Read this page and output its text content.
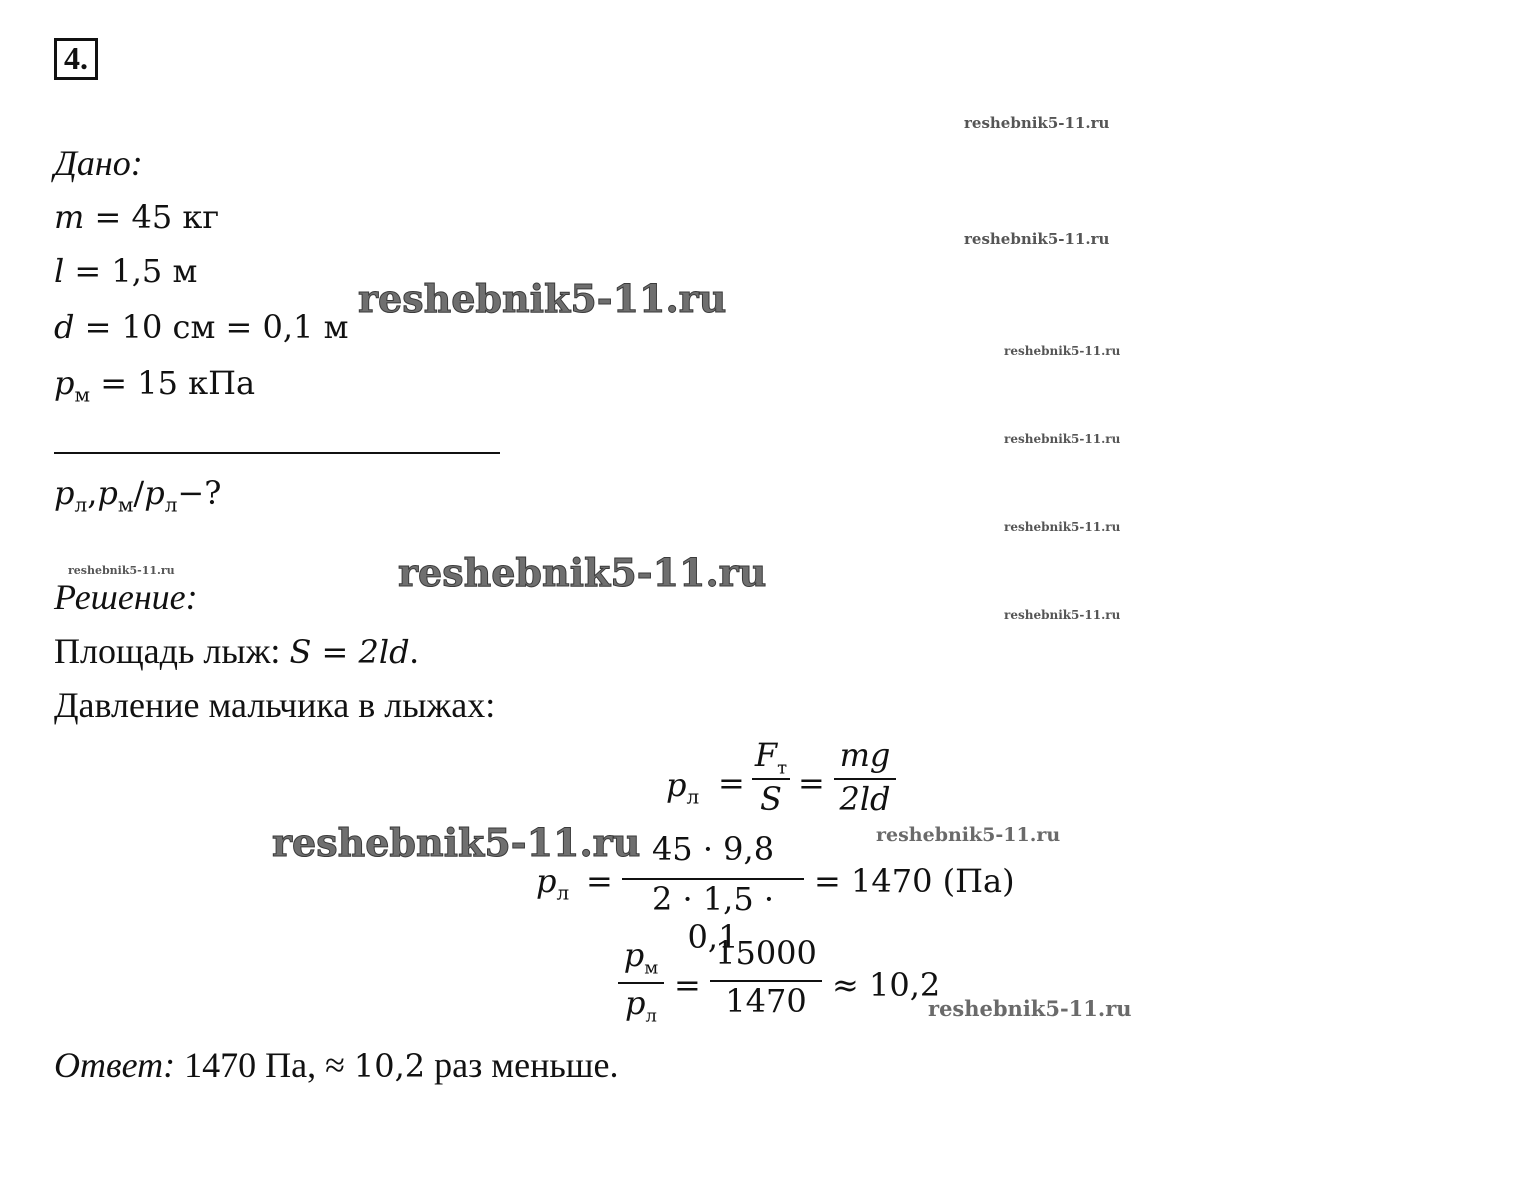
4.
Дано:
m = 45 кг
l = 1,5 м
d = 10 см = 0,1 м
$p_м = 15$ кПа
$p_л,p_м/p_л-$?
Решение:
Площадь лыж: S = 2ld.
Давление мальчика в лыжах:
$p_л$ =
$F_т$
S =
mg
2ld
$p_л$ =
45 · 9,8
2 · 1,5 · 0,1
= 1470 (Па)
$p_м$
$p_л$
=
15000
1470 ≈ 10,2
Ответ: 1470 Па, ≈ 10,2 раз меньше.
reshebnik5-11.ru
reshebnik5-11.ru
reshebnik5-11.ru
reshebnik5-11.ru
reshebnik5-11.ru
reshebnik5-11.ru
reshebnik5-11.ru	reshebnik5-11.ru
reshebnik5-11.ru
reshebnik5-11.ru	reshebnik5-11.ru
reshebnik5-11.ru
